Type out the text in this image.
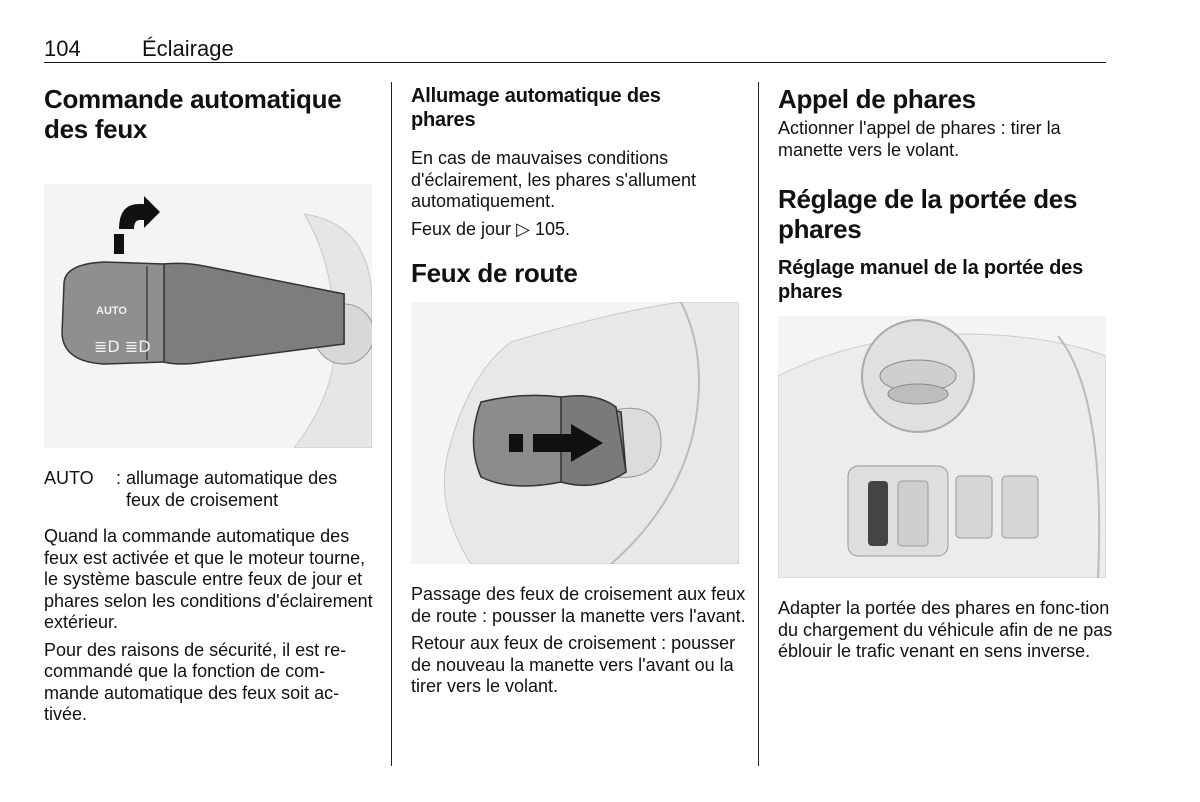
104	Éclairage
Commande automatique des feux
AUTO
≣D ≣D
AUTO	: allumage automatique des feux de croisement

Quand la commande automatique des feux est activée et que le moteur tourne, le système bascule entre feux de jour et phares selon les conditions d'éclairement extérieur.

Pour des raisons de sécurité, il est re‐commandé que la fonction de com‐mande automatique des feux soit ac‐tivée.

Allumage automatique des phares

En cas de mauvaises conditions d'éclairement, les phares s'allument automatiquement.

Feux de jour ▷ 105.

Feux de route

Passage des feux de croisement aux feux de route : pousser la manette vers l'avant.

Retour aux feux de croisement : pousser de nouveau la manette vers l'avant ou la tirer vers le volant.

Appel de phares

Actionner l'appel de phares : tirer la manette vers le volant.

Réglage de la portée des phares
Réglage manuel de la portée des phares

Adapter la portée des phares en fonc‐tion du chargement du véhicule afin de ne pas éblouir le trafic venant en sens inverse.
